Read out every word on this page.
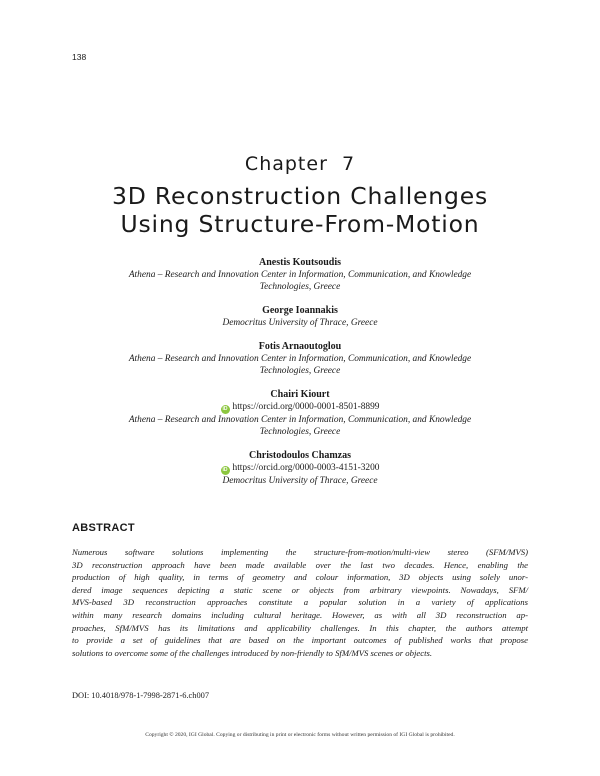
138
Chapter  7
3D Reconstruction Challenges
Using Structure-From-Motion
Anestis Koutsoudis
Athena – Research and Innovation Center in Information, Communication, and Knowledge
Technologies, Greece
George Ioannakis
Democritus University of Thrace, Greece
Fotis Arnaoutoglou
Athena – Research and Innovation Center in Information, Communication, and Knowledge
Technologies, Greece
Chairi Kiourt
iD https://orcid.org/0000-0001-8501-8899
Athena – Research and Innovation Center in Information, Communication, and Knowledge
Technologies, Greece
Christodoulos Chamzas
iD https://orcid.org/0000-0003-4151-3200
Democritus University of Thrace, Greece
ABSTRACT
Numerous software solutions implementing the structure-from-motion/multi-view stereo (SFM/MVS)
3D reconstruction approach have been made available over the last two decades. Hence, enabling the
production of high quality, in terms of geometry and colour information, 3D objects using solely unor-
dered image sequences depicting a static scene or objects from arbitrary viewpoints. Nowadays, SFM/
MVS-based 3D reconstruction approaches constitute a popular solution in a variety of applications
within many research domains including cultural heritage. However, as with all 3D reconstruction ap-
proaches, SfM/MVS has its limitations and applicability challenges. In this chapter, the authors attempt
to provide a set of guidelines that are based on the important outcomes of published works that propose
solutions to overcome some of the challenges introduced by non-friendly to SfM/MVS scenes or objects.
DOI: 10.4018/978-1-7998-2871-6.ch007
Copyright © 2020, IGI Global. Copying or distributing in print or electronic forms without written permission of IGI Global is prohibited.
